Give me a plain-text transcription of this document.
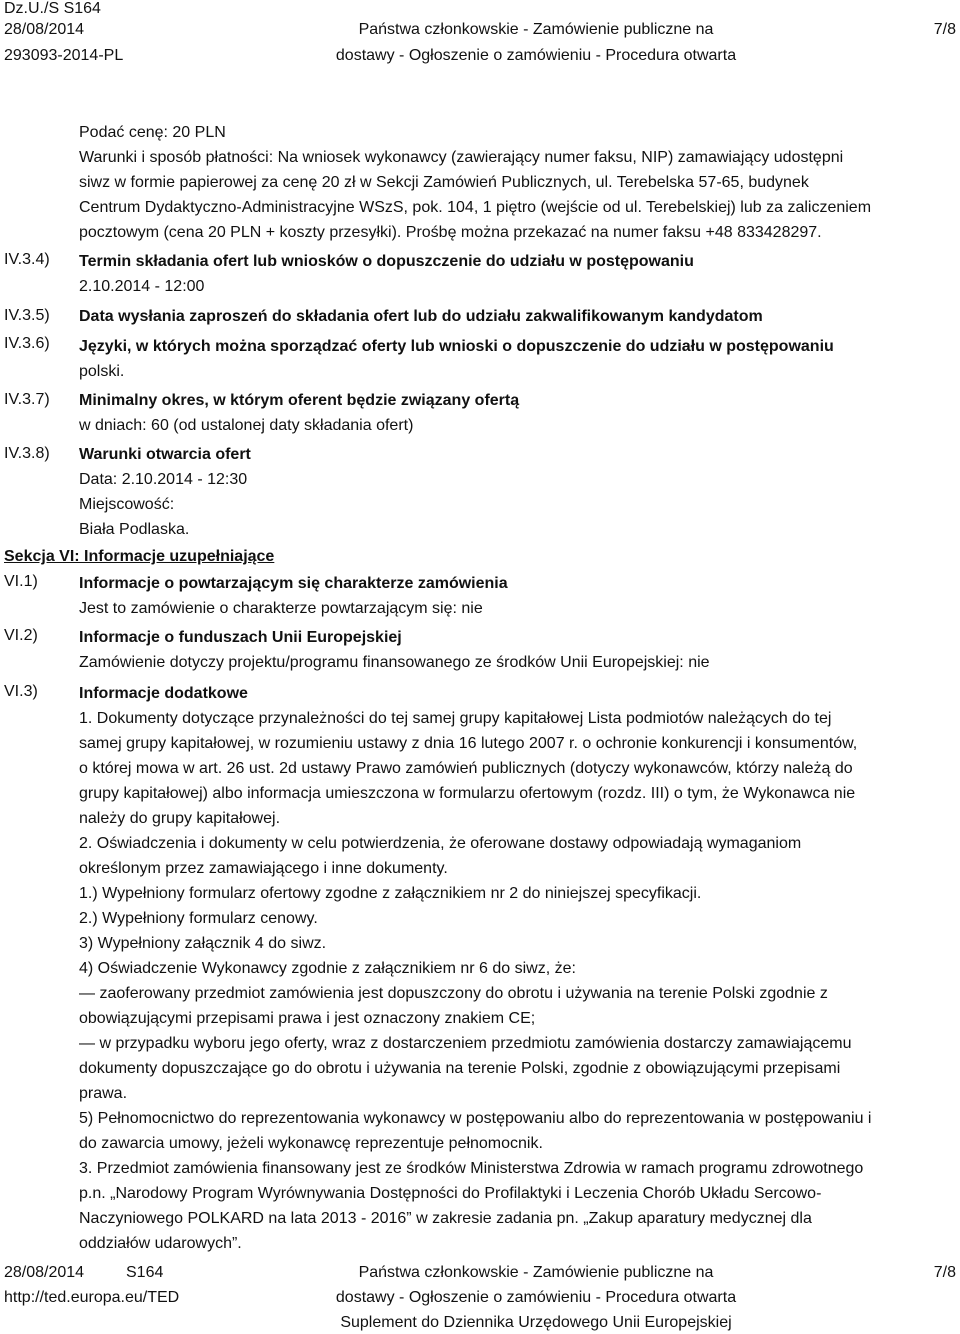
Dz.U./S S164
28/08/2014
293093-2014-PL
Państwa członkowskie - Zamówienie publiczne na
dostawy - Ogłoszenie o zamówieniu - Procedura otwarta
7/8
Podać cenę: 20 PLN
Warunki i sposób płatności: Na wniosek wykonawcy (zawierający numer faksu, NIP) zamawiający udostępni
siwz w formie papierowej za cenę 20 zł w Sekcji Zamówień Publicznych, ul. Terebelska 57-65, budynek
Centrum Dydaktyczno-Administracyjne WSzS, pok. 104, 1 piętro (wejście od ul. Terebelskiej) lub za zaliczeniem
pocztowym (cena 20 PLN + koszty przesyłki). Prośbę można przekazać na numer faksu +48 833428297.
IV.3.4)	Termin składania ofert lub wniosków o dopuszczenie do udziału w postępowaniu
2.10.2014 - 12:00
IV.3.5)	Data wysłania zaproszeń do składania ofert lub do udziału zakwalifikowanym kandydatom
IV.3.6)	Języki, w których można sporządzać oferty lub wnioski o dopuszczenie do udziału w postępowaniu
polski.
IV.3.7)	Minimalny okres, w którym oferent będzie związany ofertą
w dniach: 60 (od ustalonej daty składania ofert)
IV.3.8)	Warunki otwarcia ofert
Data: 2.10.2014 - 12:30
Miejscowość:
Biała Podlaska.
Sekcja VI: Informacje uzupełniające
VI.1)	Informacje o powtarzającym się charakterze zamówienia
Jest to zamówienie o charakterze powtarzającym się: nie
VI.2)	Informacje o funduszach Unii Europejskiej
Zamówienie dotyczy projektu/programu finansowanego ze środków Unii Europejskiej: nie
VI.3)	Informacje dodatkowe
1. Dokumenty dotyczące przynależności do tej samej grupy kapitałowej Lista podmiotów należących do tej
samej grupy kapitałowej, w rozumieniu ustawy z dnia 16 lutego 2007 r. o ochronie konkurencji i konsumentów,
o której mowa w art. 26 ust. 2d ustawy Prawo zamówień publicznych (dotyczy wykonawców, którzy należą do
grupy kapitałowej) albo informacja umieszczona w formularzu ofertowym (rozdz. III) o tym, że Wykonawca nie
należy do grupy kapitałowej.
2. Oświadczenia i dokumenty w celu potwierdzenia, że oferowane dostawy odpowiadają wymaganiom
określonym przez zamawiającego i inne dokumenty.
1.) Wypełniony formularz ofertowy zgodne z załącznikiem nr 2 do niniejszej specyfikacji.
2.) Wypełniony formularz cenowy.
3) Wypełniony załącznik 4 do siwz.
4) Oświadczenie Wykonawcy zgodnie z załącznikiem nr 6 do siwz, że:
— zaoferowany przedmiot zamówienia jest dopuszczony do obrotu i używania na terenie Polski zgodnie z
obowiązującymi przepisami prawa i jest oznaczony znakiem CE;
— w przypadku wyboru jego oferty, wraz z dostarczeniem przedmiotu zamówienia dostarczy zamawiającemu
dokumenty dopuszczające go do obrotu i używania na terenie Polski, zgodnie z obowiązującymi przepisami
prawa.
5) Pełnomocnictwo do reprezentowania wykonawcy w postępowaniu albo do reprezentowania w postępowaniu i
do zawarcia umowy, jeżeli wykonawcę reprezentuje pełnomocnik.
3. Przedmiot zamówienia finansowany jest ze środków Ministerstwa Zdrowia w ramach programu zdrowotnego
p.n. „Narodowy Program Wyrównywania Dostępności do Profilaktyki i Leczenia Chorób Układu Sercowo-
Naczyniowego POLKARD na lata 2013 - 2016” w zakresie zadania pn. „Zakup aparatury medycznej dla
oddziałów udarowych”.
28/08/2014	S164
http://ted.europa.eu/TED
Państwa członkowskie - Zamówienie publiczne na
dostawy - Ogłoszenie o zamówieniu - Procedura otwarta
Suplement do Dziennika Urzędowego Unii Europejskiej
7/8
